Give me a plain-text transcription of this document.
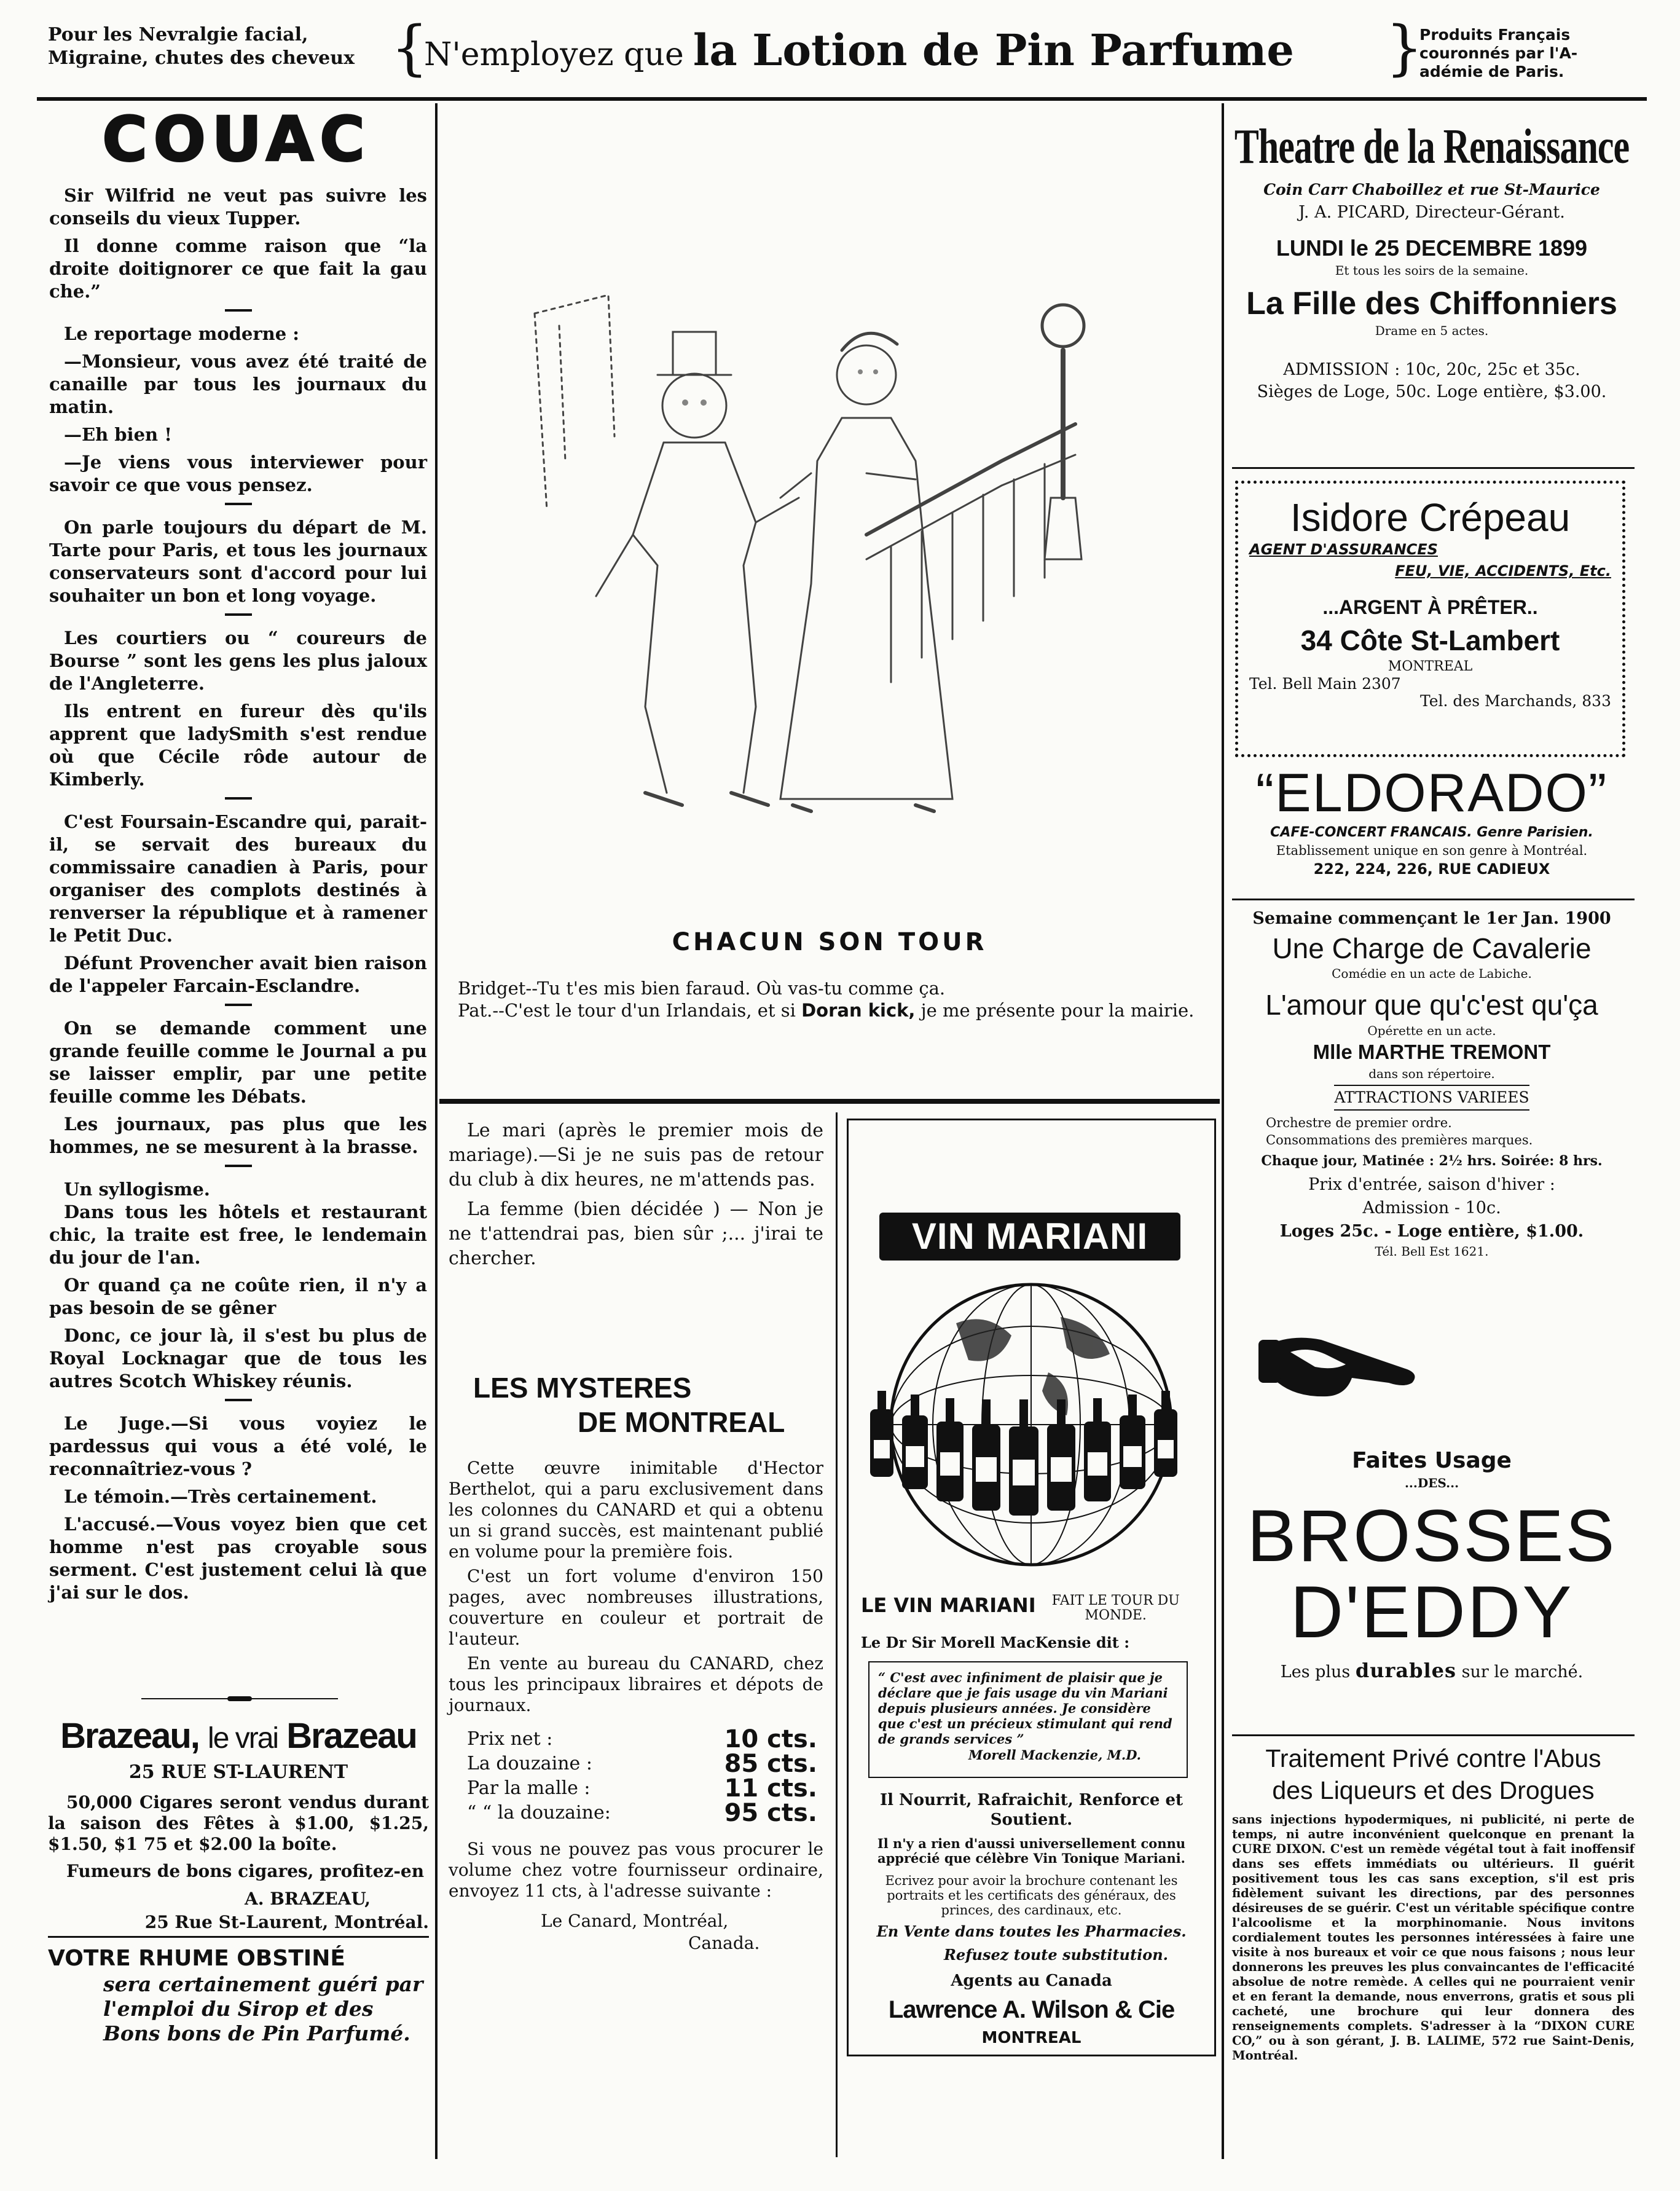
Pour les Nevralgie facial,
Migraine, chutes des cheveux {
N'employez que la Lotion de Pin Parfume }
Produits Français
couronnés par l'A-
adémie de Paris.
COUAC

Sir Wilfrid ne veut pas suivre les conseils du vieux Tupper.

Il donne comme raison que “la droite doitignorer ce que fait la gau che.”

Le reportage moderne :

—Monsieur, vous avez été traité de canaille par tous les journaux du matin.

—Eh bien !

—Je viens vous interviewer pour savoir ce que vous pensez.

On parle toujours du départ de M. Tarte pour Paris, et tous les journaux conservateurs sont d'accord pour lui souhaiter un bon et long voyage.

Les courtiers ou “ coureurs de Bourse ” sont les gens les plus jaloux de l'Angleterre.

Ils entrent en fureur dès qu'ils apprent que ladySmith s'est rendue où que Cécile rôde autour de Kimberly.

C'est Foursain-Escandre qui, parait-il, se servait des bureaux du commissaire canadien à Paris, pour organiser des complots destinés à renverser la république et à ramener le Petit Duc.

Défunt Provencher avait bien raison de l'appeler Farcain-Esclandre.

On se demande comment une grande feuille comme le Journal a pu se laisser emplir, par une petite feuille comme les Débats.

Les journaux, pas plus que les hommes, ne se mesurent à la brasse.

Un syllogisme.

Dans tous les hôtels et restaurant chic, la traite est free, le lendemain du jour de l'an.

Or quand ça ne coûte rien, il n'y a pas besoin de se gêner

Donc, ce jour là, il s'est bu plus de Royal Locknagar que de tous les autres Scotch Whiskey réunis.

Le Juge.—Si vous voyiez le pardessus qui vous a été volé, le reconnaîtriez-vous ?

Le témoin.—Très certainement.

L'accusé.—Vous voyez bien que cet homme n'est pas croyable sous serment. C'est justement celui là que j'ai sur le dos.

Brazeau, le vrai Brazeau
25 RUE ST-LAURENT

50,000 Cigares seront vendus durant la saison des Fêtes à $1.00, $1.25, $1.50, $1 75 et $2.00 la boîte.

Fumeurs de bons cigares, profitez-en

A. BRAZEAU,
25 Rue St-Laurent, Montréal.
VOTRE RHUME OBSTINÉ
sera certainement guéri par l'emploi du Sirop et des Bons bons de Pin Parfumé.
CHACUN SON TOUR
Bridget--Tu t'es mis bien faraud. Où vas-tu comme ça.
Pat.--C'est le tour d'un Irlandais, et si Doran kick, je me présente pour la mairie.

Le mari (après le premier mois de mariage).—Si je ne suis pas de retour du club à dix heures, ne m'attends pas.

La femme (bien décidée ) — Non je ne t'attendrai pas, bien sûr ;... j'irai te chercher.

LES MYSTERES
DE MONTREAL

Cette œuvre inimitable d'Hector Berthelot, qui a paru exclusivement dans les colonnes du CANARD et qui a obtenu un si grand succès, est maintenant publié en volume pour la première fois.

C'est un fort volume d'environ 150 pages, avec nombreuses illustrations, couverture en couleur et portrait de l'auteur.

En vente au bureau du CANARD, chez tous les principaux libraires et dépots de journaux.

Prix net :	10 cts.
La douzaine :	85 cts.
Par la malle :	11 cts.
“ “ la douzaine:	95 cts.

Si vous ne pouvez pas vous procurer le volume chez votre fournisseur ordinaire, envoyez 11 cts, à l'adresse suivante :

Le Canard, Montréal,
Canada.
VIN MARIANI
LE VIN MARIANI FAIT LE TOUR DU MONDE.
Le Dr Sir Morell MacKensie dit :
“ C'est avec infiniment de plaisir que je déclare que je fais usage du vin Mariani depuis plusieurs années. Je considère que c'est un précieux stimulant qui rend de grands services ”
Morell Mackenzie, M.D.
Il Nourrit, Rafraichit, Renforce et Soutient.
Il n'y a rien d'aussi universellement connu apprécié que célèbre Vin Tonique Mariani.
Ecrivez pour avoir la brochure contenant les portraits et les certificats des généraux, des princes, des cardinaux, etc.
En Vente dans toutes les Pharmacies.
Refusez toute substitution.
Agents au Canada
Lawrence A. Wilson & Cie
MONTREAL
Theatre de la Renaissance
Coin Carr Chaboillez et rue St-Maurice
J. A. PICARD, Directeur-Gérant.
LUNDI le 25 DECEMBRE 1899
Et tous les soirs de la semaine.
La Fille des Chiffonniers
Drame en 5 actes.
ADMISSION : 10c, 20c, 25c et 35c.
Sièges de Loge, 50c. Loge entière, $3.00.
Isidore Crépeau
AGENT D'ASSURANCES
FEU, VIE, ACCIDENTS, Etc.
...ARGENT À PRÊTER..
34 Côte St-Lambert
MONTREAL
Tel. Bell Main 2307
Tel. des Marchands, 833
“ELDORADO”
CAFE-CONCERT FRANCAIS. Genre Parisien.
Etablissement unique en son genre à Montréal.
222, 224, 226, RUE CADIEUX
Semaine commençant le 1er Jan. 1900
Une Charge de Cavalerie
Comédie en un acte de Labiche.
L'amour que qu'c'est qu'ça
Opérette en un acte.
Mlle MARTHE TREMONT
dans son répertoire.
ATTRACTIONS VARIEES
Orchestre de premier ordre.
Consommations des premières marques.
Chaque jour, Matinée : 2½ hrs. Soirée: 8 hrs.
Prix d'entrée, saison d'hiver :
Admission - 10c.
Loges 25c. - Loge entière, $1.00.
Tél. Bell Est 1621.
Faites Usage
...DES...
BROSSES
D'EDDY
Les plus durables sur le marché.
Traitement Privé contre l'Abus
des Liqueurs et des Drogues
sans injections hypodermiques, ni publicité, ni perte de temps, ni autre inconvénient quelconque en prenant la CURE DIXON. C'est un remède végétal tout à fait inoffensif dans ses effets immédiats ou ultérieurs. Il guérit positivement tous les cas sans exception, s'il est pris fidèlement suivant les directions, par des personnes désireuses de se guérir. C'est un véritable spécifique contre l'alcoolisme et la morphinomanie. Nous invitons cordialement toutes les personnes intéressées à faire une visite à nos bureaux et voir ce que nous faisons ; nous leur donnerons les preuves les plus convaincantes de l'efficacité absolue de notre remède. A celles qui ne pourraient venir et en ferant la demande, nous enverrons, gratis et sous pli cacheté, une brochure qui leur donnera des renseignements complets. S'adresser à la “DIXON CURE CO,” ou à son gérant, J. B. LALIME, 572 rue Saint-Denis, Montréal.
